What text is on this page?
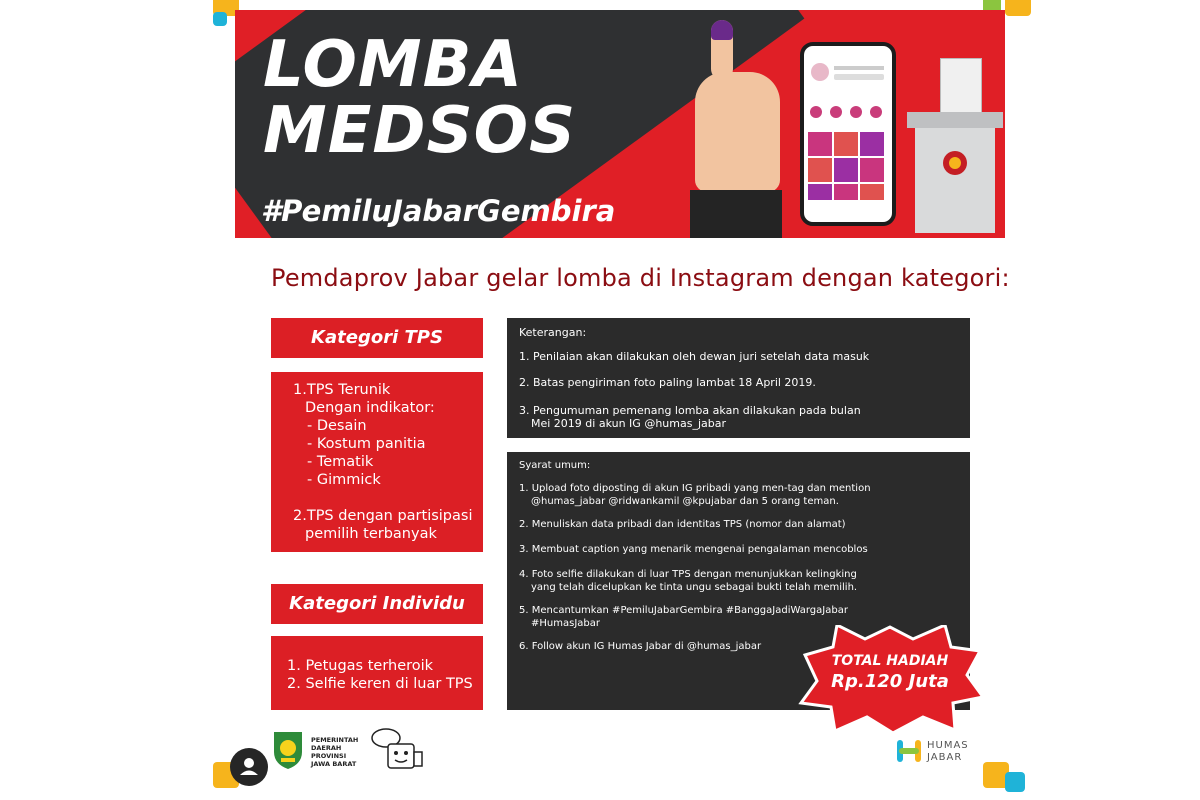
LOMBA
MEDSOS
#PemiluJabarGembira
Pemdaprov Jabar gelar lomba di Instagram dengan kategori:
Kategori TPS
1.TPS Terunik
Dengan indikator:
- Desain
- Kostum panitia
- Tematik
- Gimmick
2.TPS dengan partisipasi
pemilih terbanyak
Kategori Individu
1. Petugas terheroik
2. Selfie keren di luar TPS
Keterangan:
1. Penilaian akan dilakukan oleh dewan juri setelah data masuk
2. Batas pengiriman foto paling lambat 18 April 2019.
3. Pengumuman pemenang lomba akan dilakukan pada bulan
Mei 2019 di akun IG @humas_jabar
Syarat umum:
1. Upload foto diposting di akun IG pribadi yang men-tag dan mention
@humas_jabar @ridwankamil @kpujabar dan 5 orang teman.
2. Menuliskan data pribadi dan identitas TPS (nomor dan alamat)
3. Membuat caption yang menarik mengenai pengalaman mencoblos
4. Foto selfie dilakukan di luar TPS dengan menunjukkan kelingking
yang telah dicelupkan ke tinta ungu sebagai bukti telah memilih.
5. Mencantumkan #PemiluJabarGembira #BanggaJadiWargaJabar
#HumasJabar
6. Follow akun IG Humas Jabar di @humas_jabar
TOTAL HADIAH
Rp.120 Juta
PEMERINTAH
DAERAH
PROVINSI
JAWA BARAT
HUMAS
JABAR
